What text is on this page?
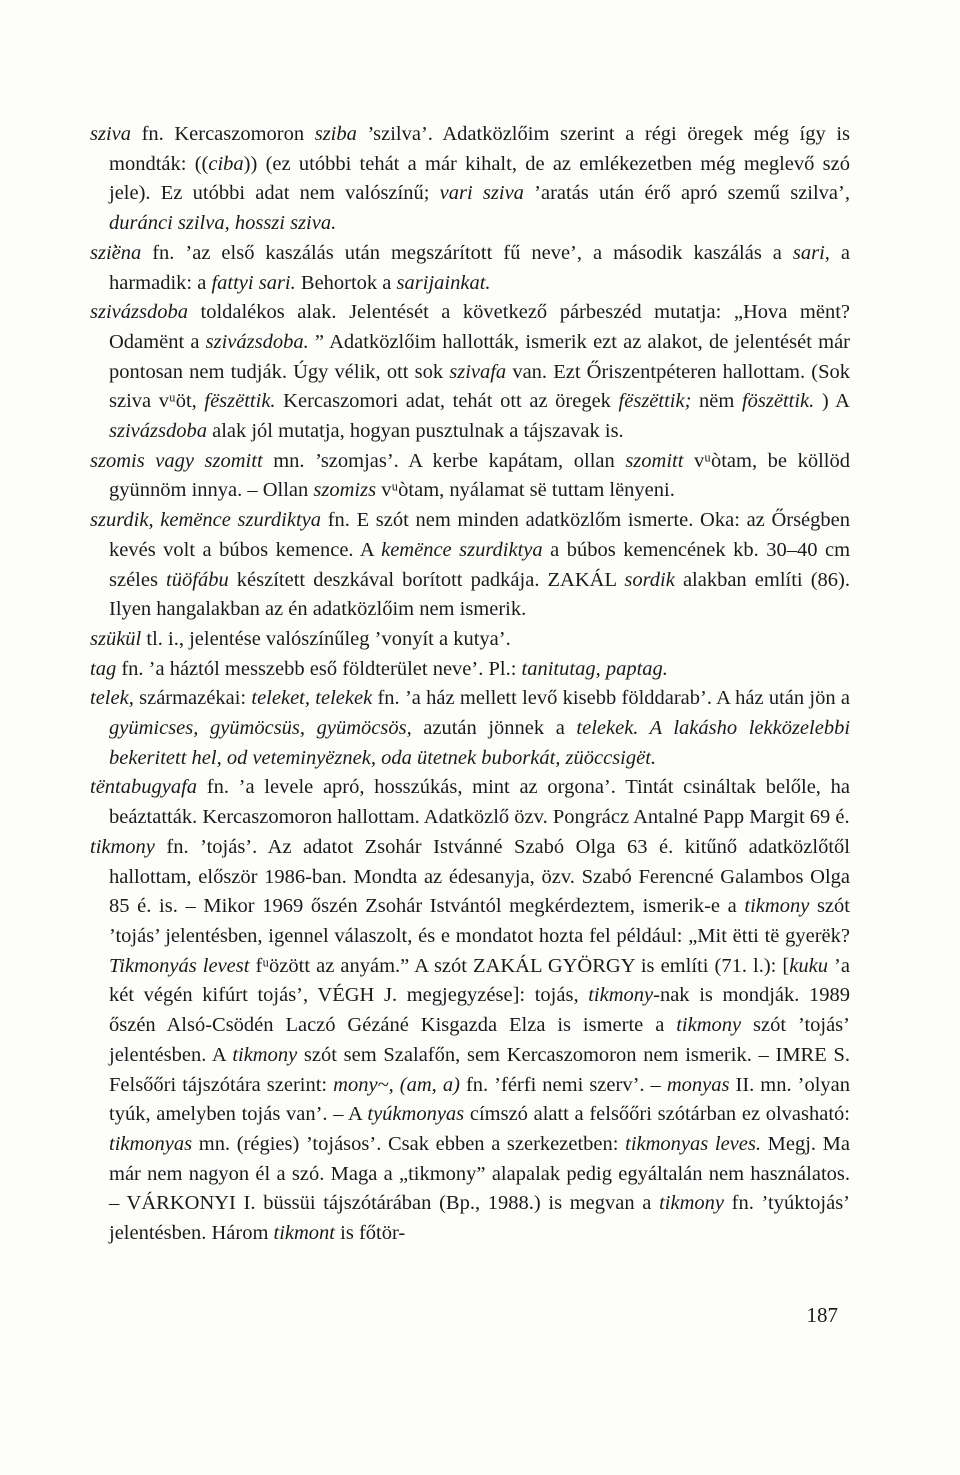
sziva fn. Kercaszomoron sziba ’szilva’. Adatközlőim szerint a régi öregek még így is mondták: ((ciba)) (ez utóbbi tehát a már kihalt, de az emlékezetben még meglevő szó jele). Ez utóbbi adat nem valószínű; vari sziva ’aratás után érő apró szemű szilva’, duránci szilva, hosszi sziva.

szi̕ëna fn. ’az első kaszálás után megszárított fű neve’, a második kaszálás a sari, a harmadik: a fattyi sari. Behortok a sarijainkat.

szivázsdoba toldalékos alak. Jelentését a következő párbeszéd mutatja: „Hova mënt? Odamënt a szivázsdoba. ” Adatközlőim hallották, ismerik ezt az alakot, de jelentését már pontosan nem tudják. Úgy vélik, ott sok szivafa van. Ezt Őriszentpéteren hallottam. (Sok sziva vᵘöt, fëszëttik. Kercaszomori adat, tehát ott az öregek fëszëttik; nëm föszëttik. ) A szivázsdoba alak jól mutatja, hogyan pusztulnak a tájszavak is.

szomis vagy szomitt mn. ’szomjas’. A kerbe kapátam, ollan szomitt vᵘòtam, be köllöd gyünnöm innya. – Ollan szomizs vᵘòtam, nyálamat së tuttam lënyeni.

szurdik, kemënce szurdiktya fn. E szót nem minden adatközlőm ismerte. Oka: az Őrségben kevés volt a búbos kemence. A kemënce szurdiktya a búbos kemencének kb. 30–40 cm széles tüöfábu készített deszkával borított padkája. ZAKÁL sordik alakban említi (86). Ilyen hangalakban az én adatközlőim nem ismerik.

szükül tl. i., jelentése valószínűleg ’vonyít a kutya’.

tag fn. ’a háztól messzebb eső földterület neve’. Pl.: tanitutag, paptag.

telek, származékai: teleket, telekek fn. ’a ház mellett levő kisebb földdarab’. A ház után jön a gyümicses, gyümöcsüs, gyümöcsös, azután jönnek a telekek. A lakásho lekközelebbi bekeritett hel, od veteminyëznek, oda ütetnek buborkát, züöccsigët.

tëntabugyafa fn. ’a levele apró, hosszúkás, mint az orgona’. Tintát csináltak belőle, ha beáztatták. Kercaszomoron hallottam. Adatközlő özv. Pongrácz Antalné Papp Margit 69 é.

tikmony fn. ’tojás’. Az adatot Zsohár Istvánné Szabó Olga 63 é. kitűnő adatközlőtől hallottam, először 1986-ban. Mondta az édesanyja, özv. Szabó Ferencné Galambos Olga 85 é. is. – Mikor 1969 őszén Zsohár Istvántól megkérdeztem, ismerik-e a tikmony szót ’tojás’ jelentésben, igennel válaszolt, és e mondatot hozta fel például: „Mit ëtti të gyerëk? Tikmonyás levest fᵘözött az anyám.” A szót ZAKÁL GYÖRGY is említi (71. l.): [kuku ’a két végén kifúrt tojás’, VÉGH J. megjegyzése]: tojás, tikmony-nak is mondják. 1989 őszén Alsó-Csödén Laczó Gézáné Kisgazda Elza is ismerte a tikmony szót ’tojás’ jelentésben. A tikmony szót sem Szalafőn, sem Kercaszomoron nem ismerik. – IMRE S. Felsőőri tájszótára szerint: mony~, (am, a) fn. ’férfi nemi szerv’. – monyas II. mn. ’olyan tyúk, amelyben tojás van’. – A tyúkmonyas címszó alatt a felsőőri szótárban ez olvasható: tikmonyas mn. (régies) ’tojásos’. Csak ebben a szerkezetben: tikmonyas leves. Megj. Ma már nem nagyon él a szó. Maga a „tikmony” alapalak pedig egyáltalán nem használatos. – VÁRKONYI I. büssüi tájszótárában (Bp., 1988.) is megvan a tikmony fn. ’tyúktojás’ jelentésben. Három tikmont is főtör-

187
